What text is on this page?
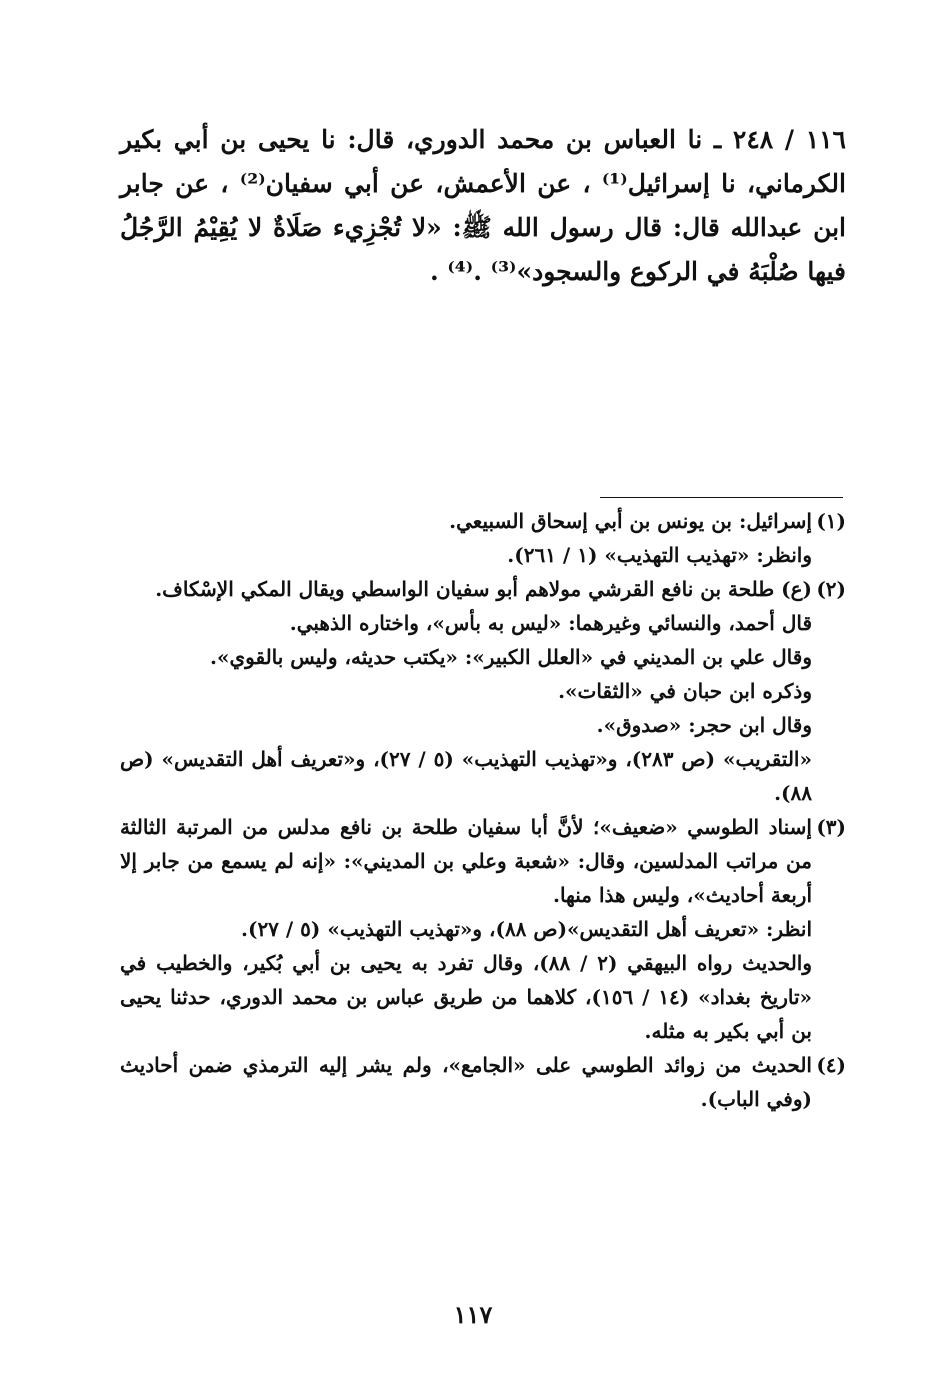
١١٦ / ٢٤٨ ـ نا العباس بن محمد الدوري، قال: نا يحيى بن أبي بكير الكرماني، نا إسرائيل⁽¹⁾ ، عن الأعمش، عن أبي سفيان⁽²⁾ ، عن جابر ابن عبدالله قال: قال رسول الله ﷺ: «لا تُجْزِيء صَلَاةٌ لا يُقِيْمُ الرَّجُلُ فيها صُلْبَهُ في الركوع والسجود»⁽³⁾ .⁽⁴⁾ .

(١)
إسرائيل: بن يونس بن أبي إسحاق السبيعي.
وانظر: «تهذيب التهذيب» (١ / ٢٦١).
(٢)
(ع) طلحة بن نافع القرشي مولاهم أبو سفيان الواسطي ويقال المكي الإسْكاف.
قال أحمد، والنسائي وغيرهما: «ليس به بأس»، واختاره الذهبي.
وقال علي بن المديني في «العلل الكبير»: «يكتب حديثه، وليس بالقوي».
وذكره ابن حبان في «الثقات».
وقال ابن حجر: «صدوق».
«التقريب» (ص ٢٨٣)، و«تهذيب التهذيب» (٥ / ٢٧)، و«تعريف أهل التقديس» (ص ٨٨).
(٣)
إسناد الطوسي «ضعيف»؛ لأنَّ أبا سفيان طلحة بن نافع مدلس من المرتبة الثالثة من مراتب المدلسين، وقال: «شعبة وعلي بن المديني»: «إنه لم يسمع من جابر إلا أربعة أحاديث»، وليس هذا منها.
انظر: «تعريف أهل التقديس»(ص ٨٨)، و«تهذيب التهذيب» (٥ / ٢٧).
والحديث رواه البيهقي (٢ / ٨٨)، وقال تفرد به يحيى بن أبي بُكير، والخطيب في «تاريخ بغداد» (١٤ / ١٥٦)، كلاهما من طريق عباس بن محمد الدوري، حدثنا يحيى بن أبي بكير به مثله.
(٤)
الحديث من زوائد الطوسي على «الجامع»، ولم يشر إليه الترمذي ضمن أحاديث (وفي الباب).
١١٧
